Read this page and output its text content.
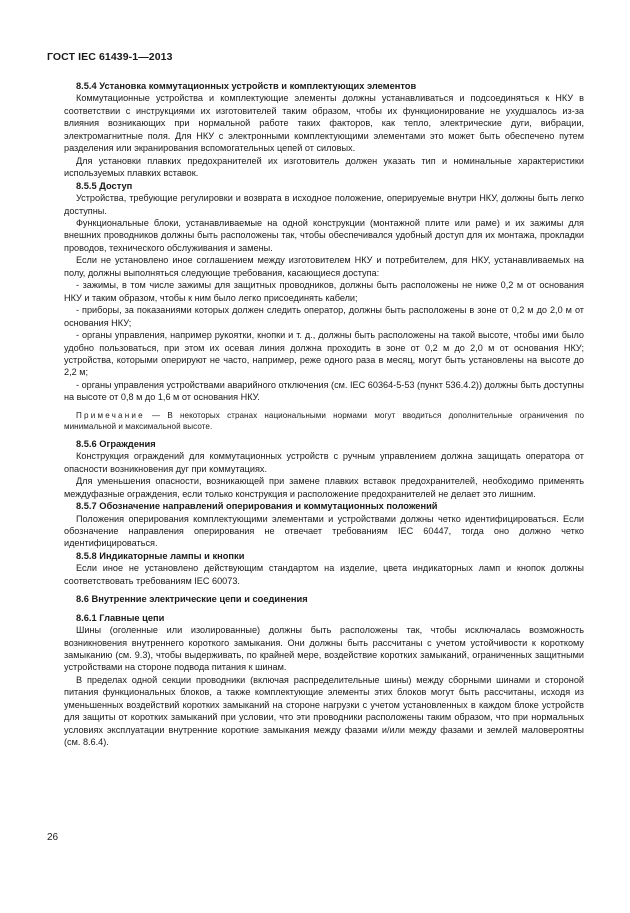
ГОСТ IEC 61439-1—2013
8.5.4 Установка коммутационных устройств и комплектующих элементов

Коммутационные устройства и комплектующие элементы должны устанавливаться и подсоединяться к НКУ в соответствии с инструкциями их изготовителей таким образом, чтобы их функционирование не ухудшалось из-за влияния возникающих при нормальной работе таких факторов, как тепло, электрические дуги, вибрации, электромагнитные поля. Для НКУ с электронными комплектующими элементами это может быть обеспечено путем разделения или экранирования вспомогательных цепей от силовых.

Для установки плавких предохранителей их изготовитель должен указать тип и номинальные характеристики используемых плавких вставок.

8.5.5 Доступ

Устройства, требующие регулировки и возврата в исходное положение, оперируемые внутри НКУ, должны быть легко доступны.

Функциональные блоки, устанавливаемые на одной конструкции (монтажной плите или раме) и их зажимы для внешних проводников должны быть расположены так, чтобы обеспечивался удобный доступ для их монтажа, прокладки проводов, технического обслуживания и замены.

Если не установлено иное соглашением между изготовителем НКУ и потребителем, для НКУ, устанавливаемых на полу, должны выполняться следующие требования, касающиеся доступа:

- зажимы, в том числе зажимы для защитных проводников, должны быть расположены не ниже 0,2 м от основания НКУ и таким образом, чтобы к ним было легко присоединять кабели;

- приборы, за показаниями которых должен следить оператор, должны быть расположены в зоне от 0,2 м до 2,0 м от основания НКУ;

- органы управления, например рукоятки, кнопки и т. д., должны быть расположены на такой высоте, чтобы ими было удобно пользоваться, при этом их осевая линия должна проходить в зоне от 0,2 м до 2,0 м от основания НКУ; устройства, которыми оперируют не часто, например, реже одного раза в месяц, могут быть установлены на высоте до 2,2 м;

- органы управления устройствами аварийного отключения (см. IEC 60364-5-53 (пункт 536.4.2)) должны быть доступны на высоте от 0,8 м до 1,6 м от основания НКУ.

Примечание — В некоторых странах национальными нормами могут вводиться дополнительные ограничения по минимальной и максимальной высоте.

8.5.6 Ограждения

Конструкция ограждений для коммутационных устройств с ручным управлением должна защищать оператора от опасности возникновения дуг при коммутациях.

Для уменьшения опасности, возникающей при замене плавких вставок предохранителей, необходимо применять междуфазные ограждения, если только конструкция и расположение предохранителей не делает это лишним.

8.5.7 Обозначение направлений оперирования и коммутационных положений

Положения оперирования комплектующими элементами и устройствами должны четко идентифицироваться. Если обозначение направления оперирования не отвечает требованиям IEC 60447, тогда оно должно четко идентифицироваться.

8.5.8 Индикаторные лампы и кнопки

Если иное не установлено действующим стандартом на изделие, цвета индикаторных ламп и кнопок должны соответствовать требованиям IEC 60073.

8.6 Внутренние электрические цепи и соединения
8.6.1 Главные цепи

Шины (оголенные или изолированные) должны быть расположены так, чтобы исключалась возможность возникновения внутреннего короткого замыкания. Они должны быть рассчитаны с учетом устойчивости к короткому замыканию (см. 9.3), чтобы выдерживать, по крайней мере, воздействие коротких замыканий, ограниченных защитными устройствами на стороне подвода питания к шинам.

В пределах одной секции проводники (включая распределительные шины) между сборными шинами и стороной питания функциональных блоков, а также комплектующие элементы этих блоков могут быть рассчитаны, исходя из уменьшенных воздействий коротких замыканий на стороне нагрузки с учетом установленных в каждом блоке устройств для защиты от коротких замыканий при условии, что эти проводники расположены таким образом, что при нормальных условиях эксплуатации внутренние короткие замыкания между фазами и/или между фазами и землей маловероятны (см. 8.6.4).

26
